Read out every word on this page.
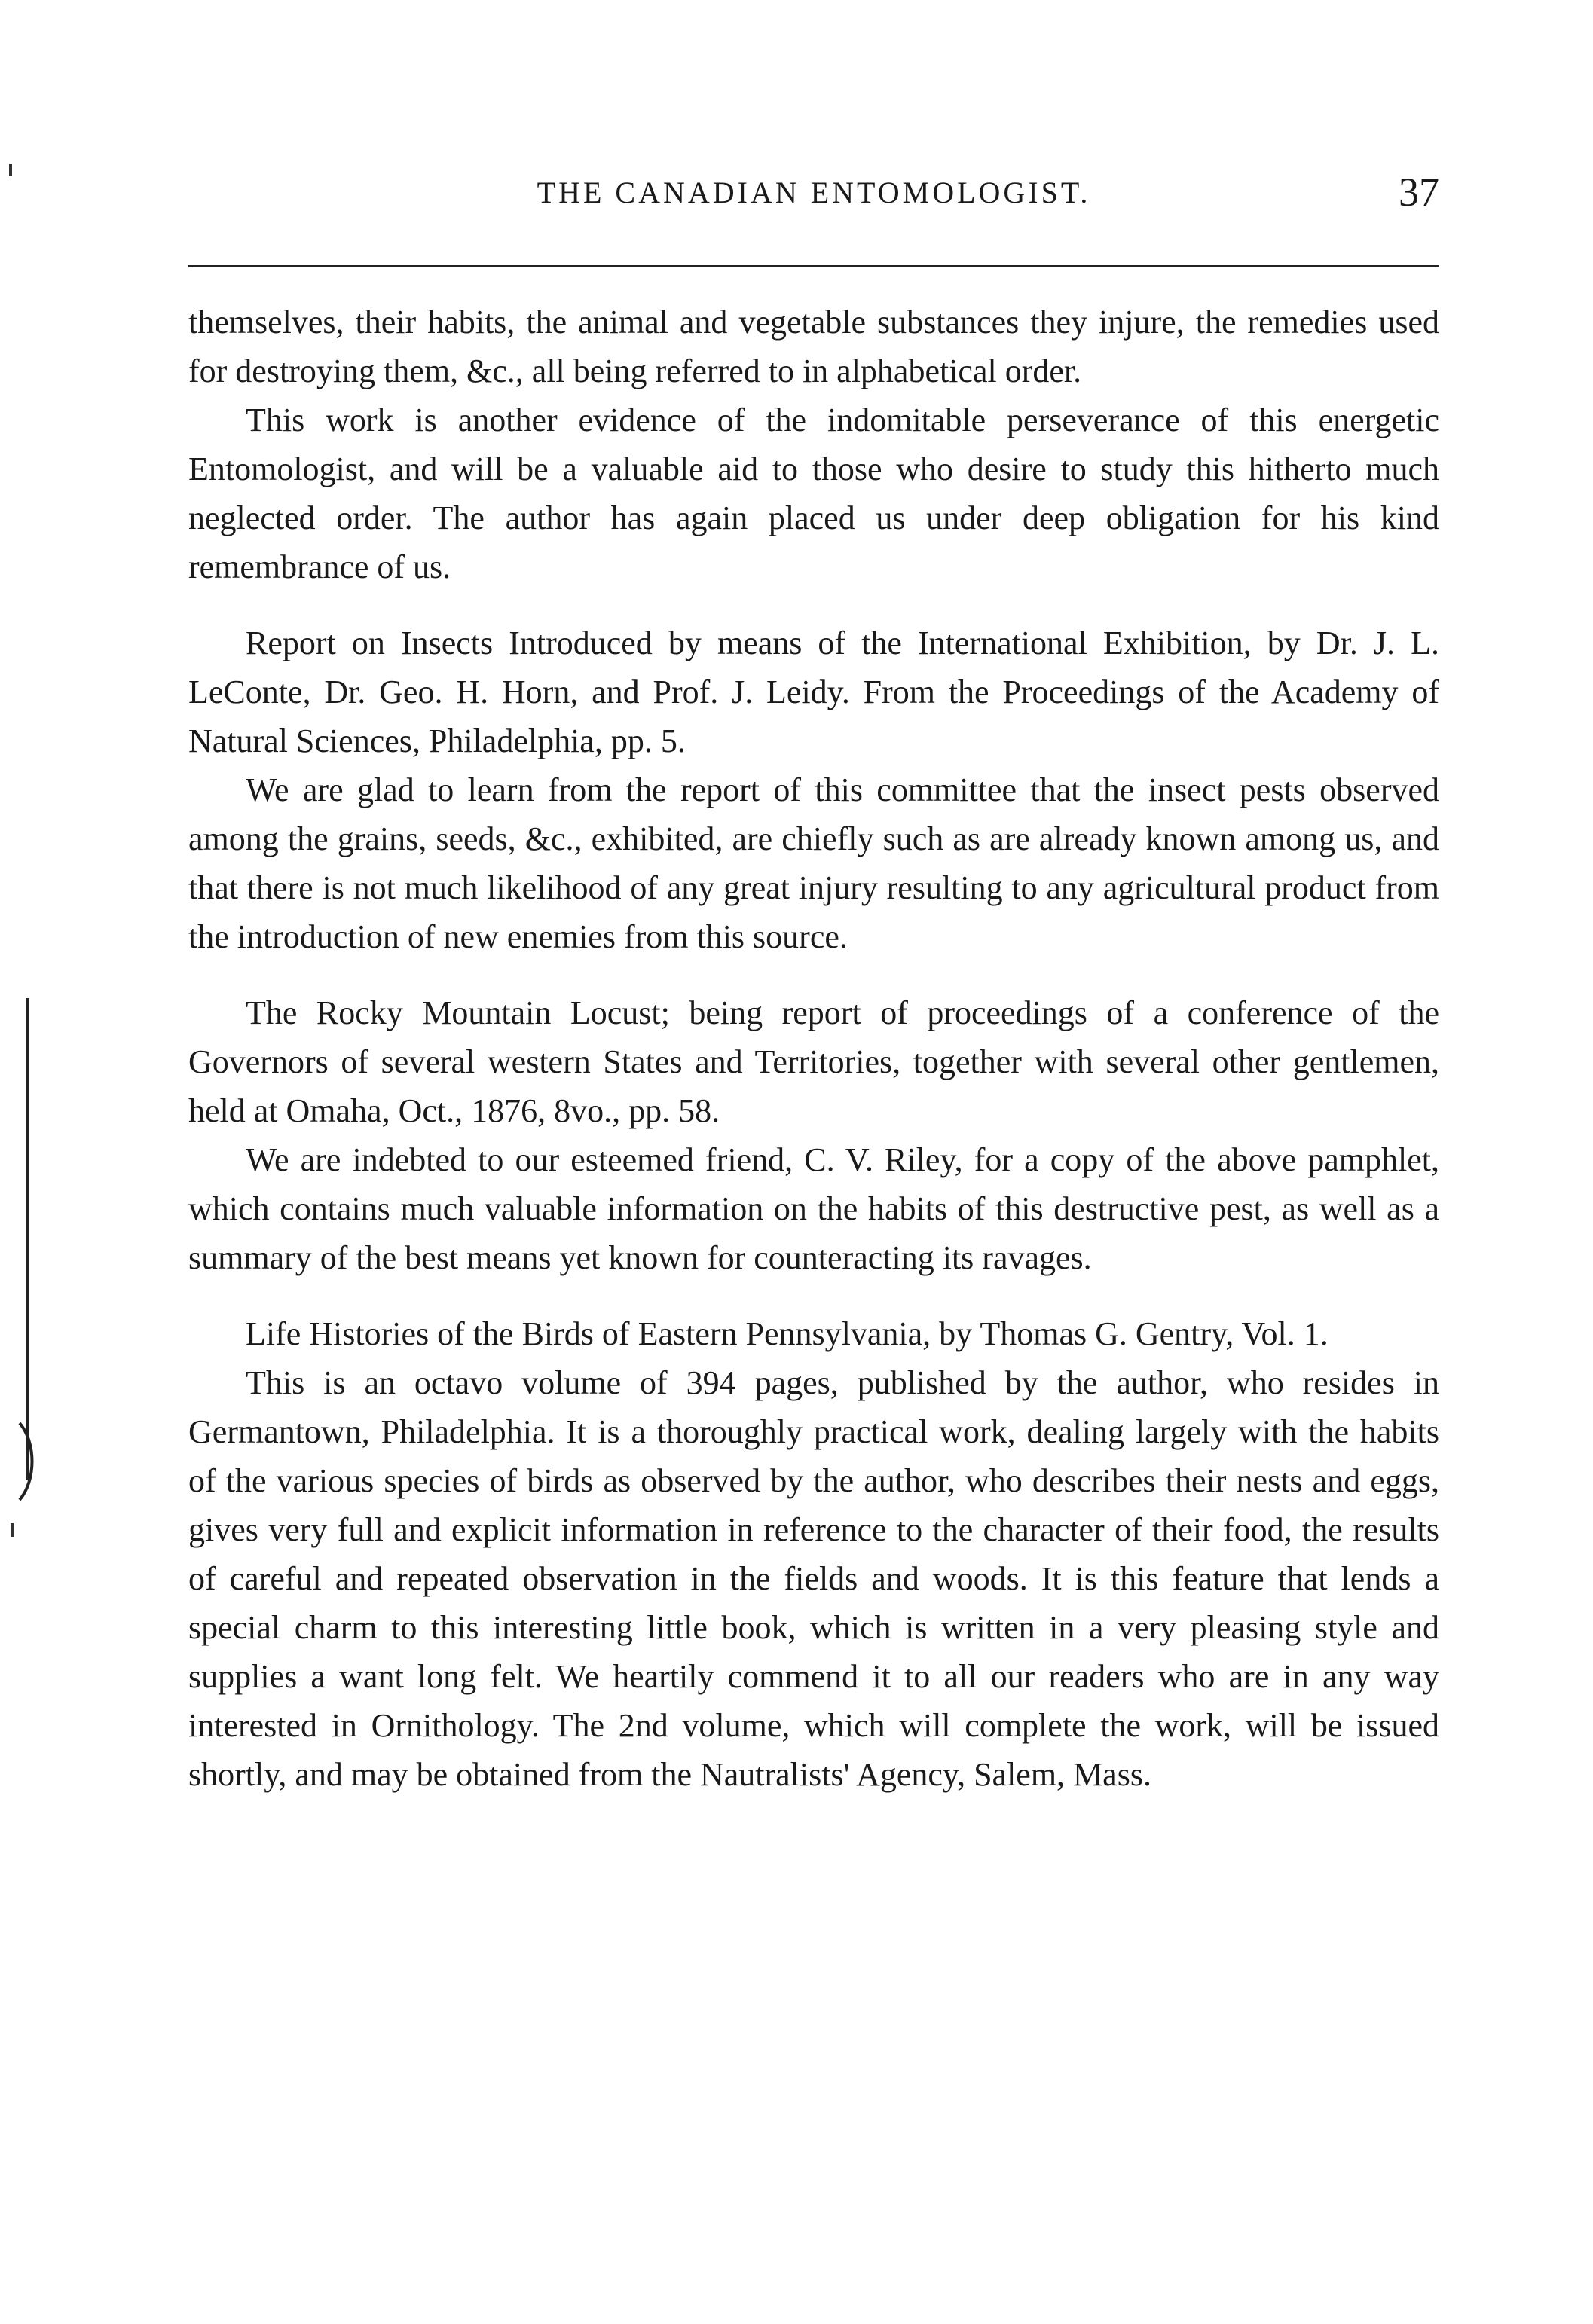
THE CANADIAN ENTOMOLOGIST.	37

themselves, their habits, the animal and vegetable substances they injure, the remedies used for destroying them, &c., all being referred to in alphabetical order.

This work is another evidence of the indomitable perseverance of this energetic Entomologist, and will be a valuable aid to those who desire to study this hitherto much neglected order. The author has again placed us under deep obligation for his kind remembrance of us.

Report on Insects Introduced by means of the International Exhibition, by Dr. J. L. LeConte, Dr. Geo. H. Horn, and Prof. J. Leidy. From the Proceedings of the Academy of Natural Sciences, Philadelphia, pp. 5.

We are glad to learn from the report of this committee that the insect pests observed among the grains, seeds, &c., exhibited, are chiefly such as are already known among us, and that there is not much likelihood of any great injury resulting to any agricultural product from the introduction of new enemies from this source.

The Rocky Mountain Locust; being report of proceedings of a conference of the Governors of several western States and Territories, together with several other gentlemen, held at Omaha, Oct., 1876, 8vo., pp. 58.

We are indebted to our esteemed friend, C. V. Riley, for a copy of the above pamphlet, which contains much valuable information on the habits of this destructive pest, as well as a summary of the best means yet known for counteracting its ravages.

Life Histories of the Birds of Eastern Pennsylvania, by Thomas G. Gentry, Vol. 1.

This is an octavo volume of 394 pages, published by the author, who resides in Germantown, Philadelphia. It is a thoroughly practical work, dealing largely with the habits of the various species of birds as observed by the author, who describes their nests and eggs, gives very full and explicit information in reference to the character of their food, the results of careful and repeated observation in the fields and woods. It is this feature that lends a special charm to this interesting little book, which is written in a very pleasing style and supplies a want long felt. We heartily commend it to all our readers who are in any way interested in Ornithology. The 2nd volume, which will complete the work, will be issued shortly, and may be obtained from the Nautralists' Agency, Salem, Mass.
